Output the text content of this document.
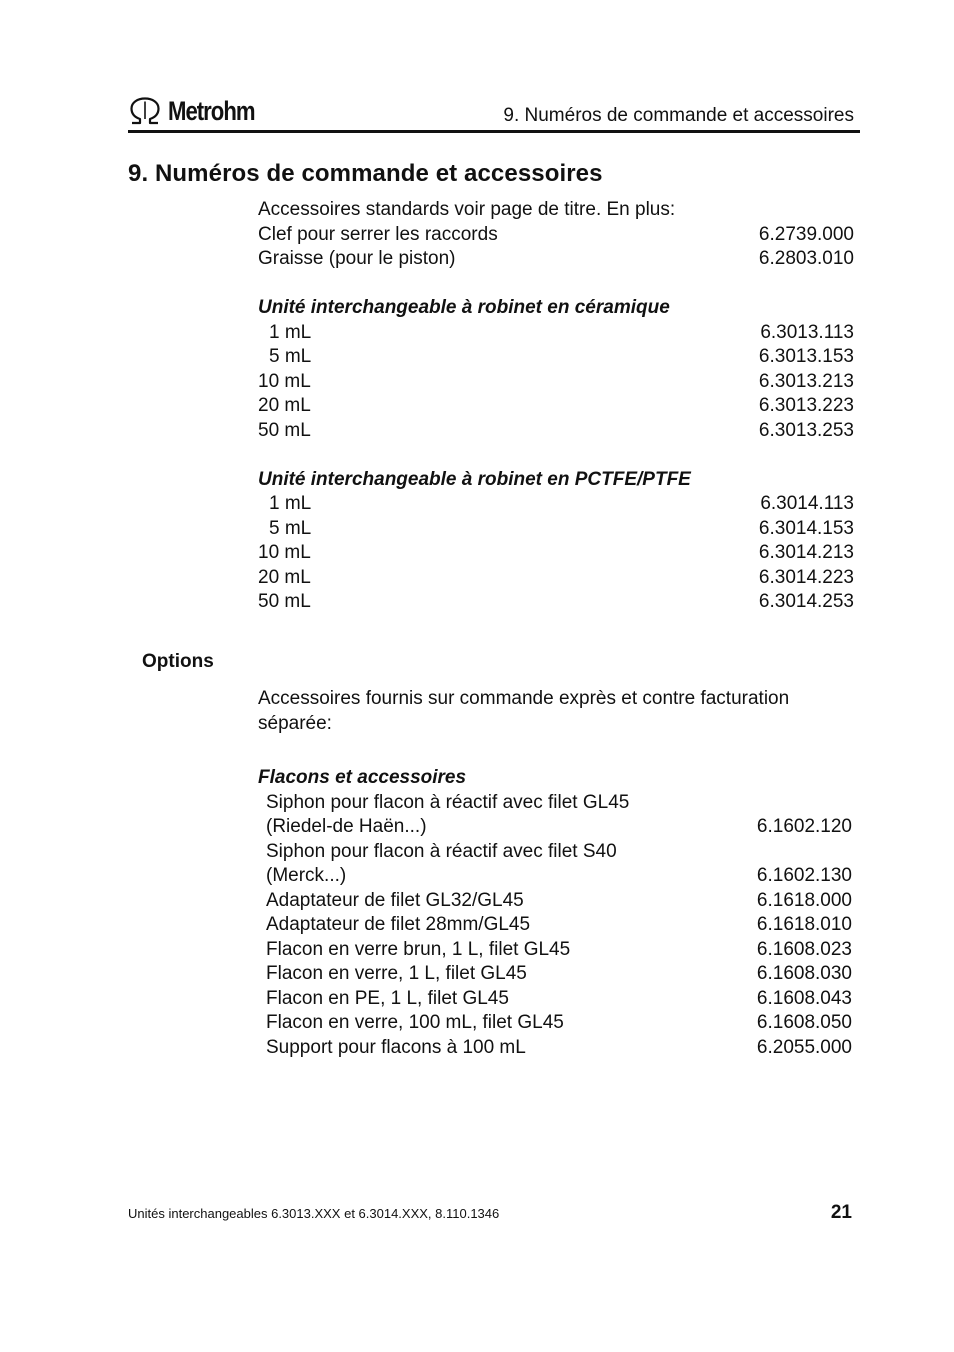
Metrohm	9. Numéros de commande et accessoires
9. Numéros de commande et accessoires
Accessoires standards voir page de titre. En plus:
Clef pour serrer les raccords	6.2739.000
Graisse (pour le piston)	6.2803.010
Unité interchangeable à robinet en céramique
1 mL	6.3013.113
5 mL	6.3013.153
10 mL	6.3013.213
20 mL	6.3013.223
50 mL	6.3013.253
Unité interchangeable à robinet en PCTFE/PTFE
1 mL	6.3014.113
5 mL	6.3014.153
10 mL	6.3014.213
20 mL	6.3014.223
50 mL	6.3014.253
Options
Accessoires fournis sur commande exprès et contre facturation séparée:
Flacons et accessoires
Siphon pour flacon à réactif avec filet GL45
(Riedel-de Haën...)	6.1602.120
Siphon pour flacon à réactif avec filet S40
(Merck...)	6.1602.130
Adaptateur de filet GL32/GL45	6.1618.000
Adaptateur de filet 28mm/GL45	6.1618.010
Flacon en verre brun, 1 L, filet GL45	6.1608.023
Flacon en verre, 1 L, filet GL45	6.1608.030
Flacon en PE, 1 L, filet GL45	6.1608.043
Flacon en verre, 100 mL, filet GL45	6.1608.050
Support pour flacons à 100 mL	6.2055.000
Unités interchangeables 6.3013.XXX et 6.3014.XXX, 8.110.1346	21
